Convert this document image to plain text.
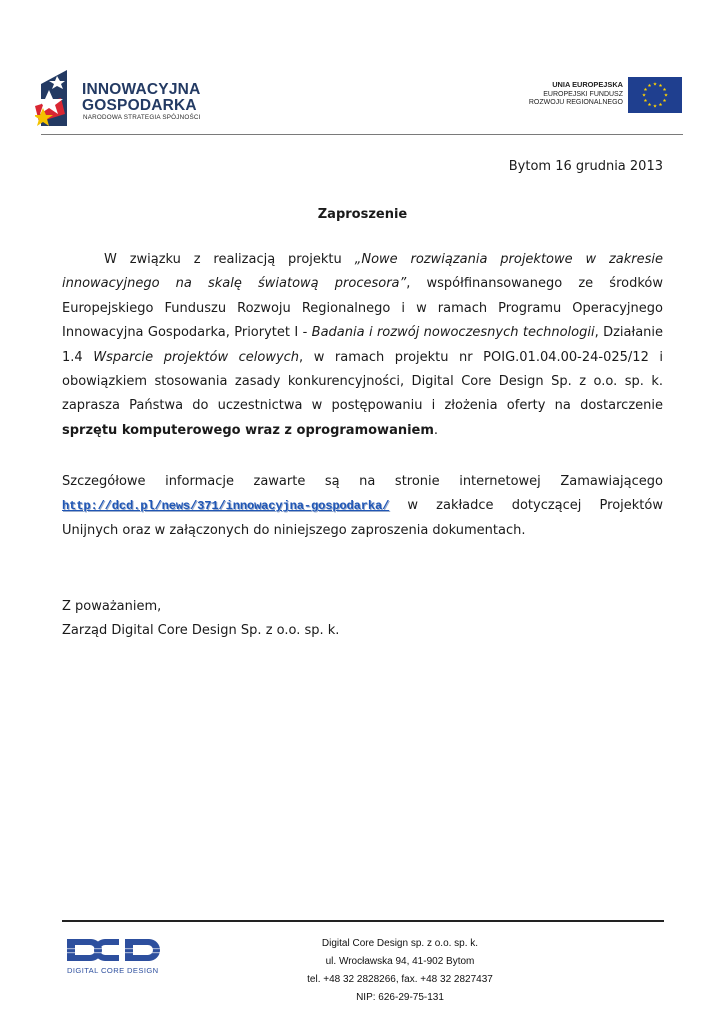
INNOWACYJNA
GOSPODARKA
NARODOWA STRATEGIA SPÓJNOŚCI
UNIA EUROPEJSKA
EUROPEJSKI FUNDUSZ
ROZWOJU REGIONALNEGO
Bytom 16 grudnia 2013
Zaproszenie
W związku z realizacją projektu „Nowe rozwiązania projektowe w zakresie innowacyjnego na skalę światową procesora”, współfinansowanego ze środków Europejskiego Funduszu Rozwoju Regionalnego i w ramach Programu Operacyjnego Innowacyjna Gospodarka, Priorytet I - Badania i rozwój nowoczesnych technologii, Działanie 1.4 Wsparcie projektów celowych, w ramach projektu nr POIG.01.04.00-24-025/12 i obowiązkiem stosowania zasady konkurencyjności, Digital Core Design Sp. z o.o. sp. k. zaprasza Państwa do uczestnictwa w postępowaniu i złożenia oferty na dostarczenie sprzętu komputerowego wraz z oprogramowaniem.
Szczegółowe informacje zawarte są na stronie internetowej Zamawiającego http://dcd.pl/news/371/innowacyjna-gospodarka/ w zakładce dotyczącej Projektów Unijnych oraz w załączonych do niniejszego zaproszenia dokumentach.
Z poważaniem,
Zarząd Digital Core Design Sp. z o.o. sp. k.
DIGITAL CORE DESIGN
Digital Core Design sp. z o.o. sp. k.
ul. Wrocławska 94, 41-902 Bytom
tel. +48 32 2828266, fax. +48 32 2827437
NIP: 626-29-75-131
